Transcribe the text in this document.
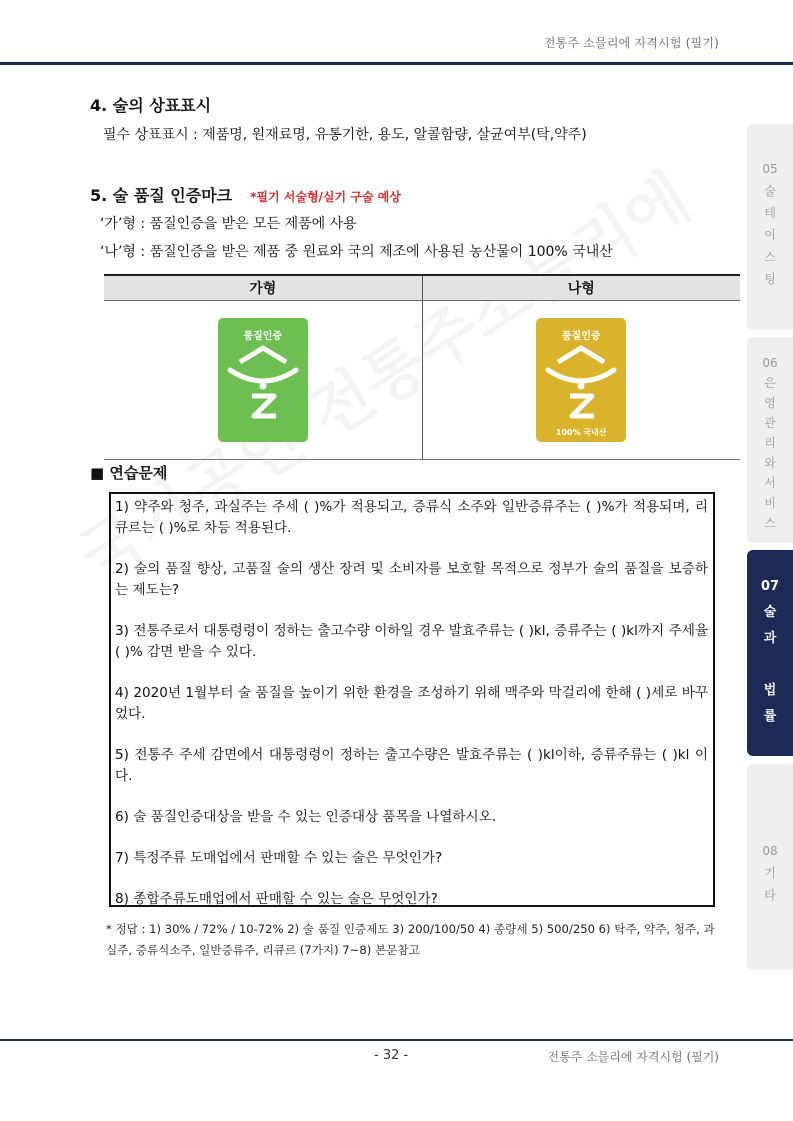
전통주 소믈리에 자격시험 (필기)
4. 술의 상표표시
필수 상표표시 : 제품명, 원재료명, 유통기한, 용도, 알콜함량, 살균여부(탁,약주)
5. 술 품질 인증마크 *필기 서술형/실기 구술 예상
‘가’형 : 품질인증을 받은 모든 제품에 사용
‘나’형 : 품질인증을 받은 제품 중 원료와 국의 제조에 사용된 농산물이 100% 국내산
가형	나형

품질인증	품질인증
100% 국내산
■ 연습문제

1) 약주와 청주, 과실주는 주세 ( )%가 적용되고, 증류식 소주와 일반증류주는 ( )%가 적용되며, 리큐르는 ( )%로 차등 적용된다.

2) 술의 품질 향상, 고품질 술의 생산 장려 및 소비자를 보호할 목적으로 정부가 술의 품질을 보증하는 제도는?

3) 전통주로서 대통령령이 정하는 출고수량 이하일 경우 발효주류는 ( )kl, 증류주는 ( )kl까지 주세율 ( )% 감면 받을 수 있다.

4) 2020년 1월부터 술 품질을 높이기 위한 환경을 조성하기 위해 맥주와 막걸리에 한해 ( )세로 바꾸었다.

5) 전통주 주세 감면에서 대통령령이 정하는 출고수량은 발효주류는 ( )kl이하, 증류주류는 ( )kl 이다.

6) 술 품질인증대상을 받을 수 있는 인증대상 품목을 나열하시오.

7) 특정주류 도매업에서 판매할 수 있는 술은 무엇인가?

8) 종합주류도매업에서 판매할 수 있는 술은 무엇인가?

* 정답 : 1) 30% / 72% / 10-72% 2) 술 품질 인증제도 3) 200/100/50 4) 종량세 5) 500/250 6) 탁주, 약주, 청주, 과실주, 증류식소주, 일반증류주, 리큐르 (7가지) 7~8) 본문참고
05
술
테
이
스
팅
06
은
영
관
리
와
서
비
스
07
술
과
법
률
08
기
타
- 32 -	전통주 소믈리에 자격시험 (필기)
